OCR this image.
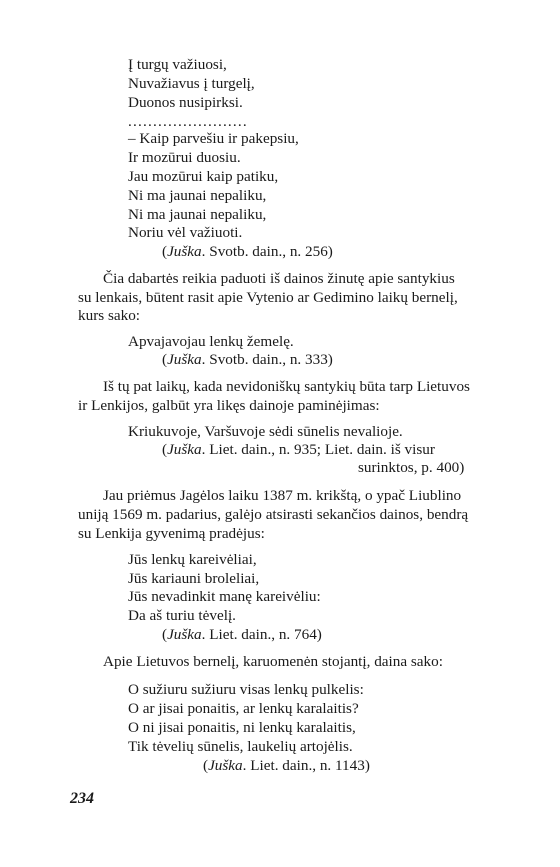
Į turgų važiuosi,
Nuvažiavus į turgelį,
Duonos nusipirksi.
........................
– Kaip parvešiu ir pakepsiu,
Ir mozūrui duosiu.
Jau mozūrui kaip patiku,
Ni ma jaunai nepaliku,
Ni ma jaunai nepaliku,
Noriu vėl važiuoti.
(Juška. Svotb. dain., n. 256)
Čia dabartės reikia paduoti iš dainos žinutę apie santykius
su lenkais, būtent rasit apie Vytenio ar Gedimino laikų bernelį,
kurs sako:
Apvajavojau lenkų žemelę.
(Juška. Svotb. dain., n. 333)
Iš tų pat laikų, kada nevidoniškų santykių būta tarp Lietuvos
ir Lenkijos, galbūt yra likęs dainoje paminėjimas:
Kriukuvoje, Varšuvoje sėdi sūnelis nevalioje.
(Juška. Liet. dain., n. 935; Liet. dain. iš visur
surinktos, p. 400)
Jau priėmus Jagėlos laiku 1387 m. krikštą, o ypač Liublino
uniją 1569 m. padarius, galėjo atsirasti sekančios dainos, bendrą
su Lenkija gyvenimą pradėjus:
Jūs lenkų kareivėliai,
Jūs kariauni broleliai,
Jūs nevadinkit manę kareivėliu:
Da aš turiu tėvelį.
(Juška. Liet. dain., n. 764)
Apie Lietuvos bernelį, karuomenėn stojantį, daina sako:
O sužiuru sužiuru visas lenkų pulkelis:
O ar jisai ponaitis, ar lenkų karalaitis?
O ni jisai ponaitis, ni lenkų karalaitis,
Tik tėvelių sūnelis, laukelių artojėlis.
(Juška. Liet. dain., n. 1143)
234
